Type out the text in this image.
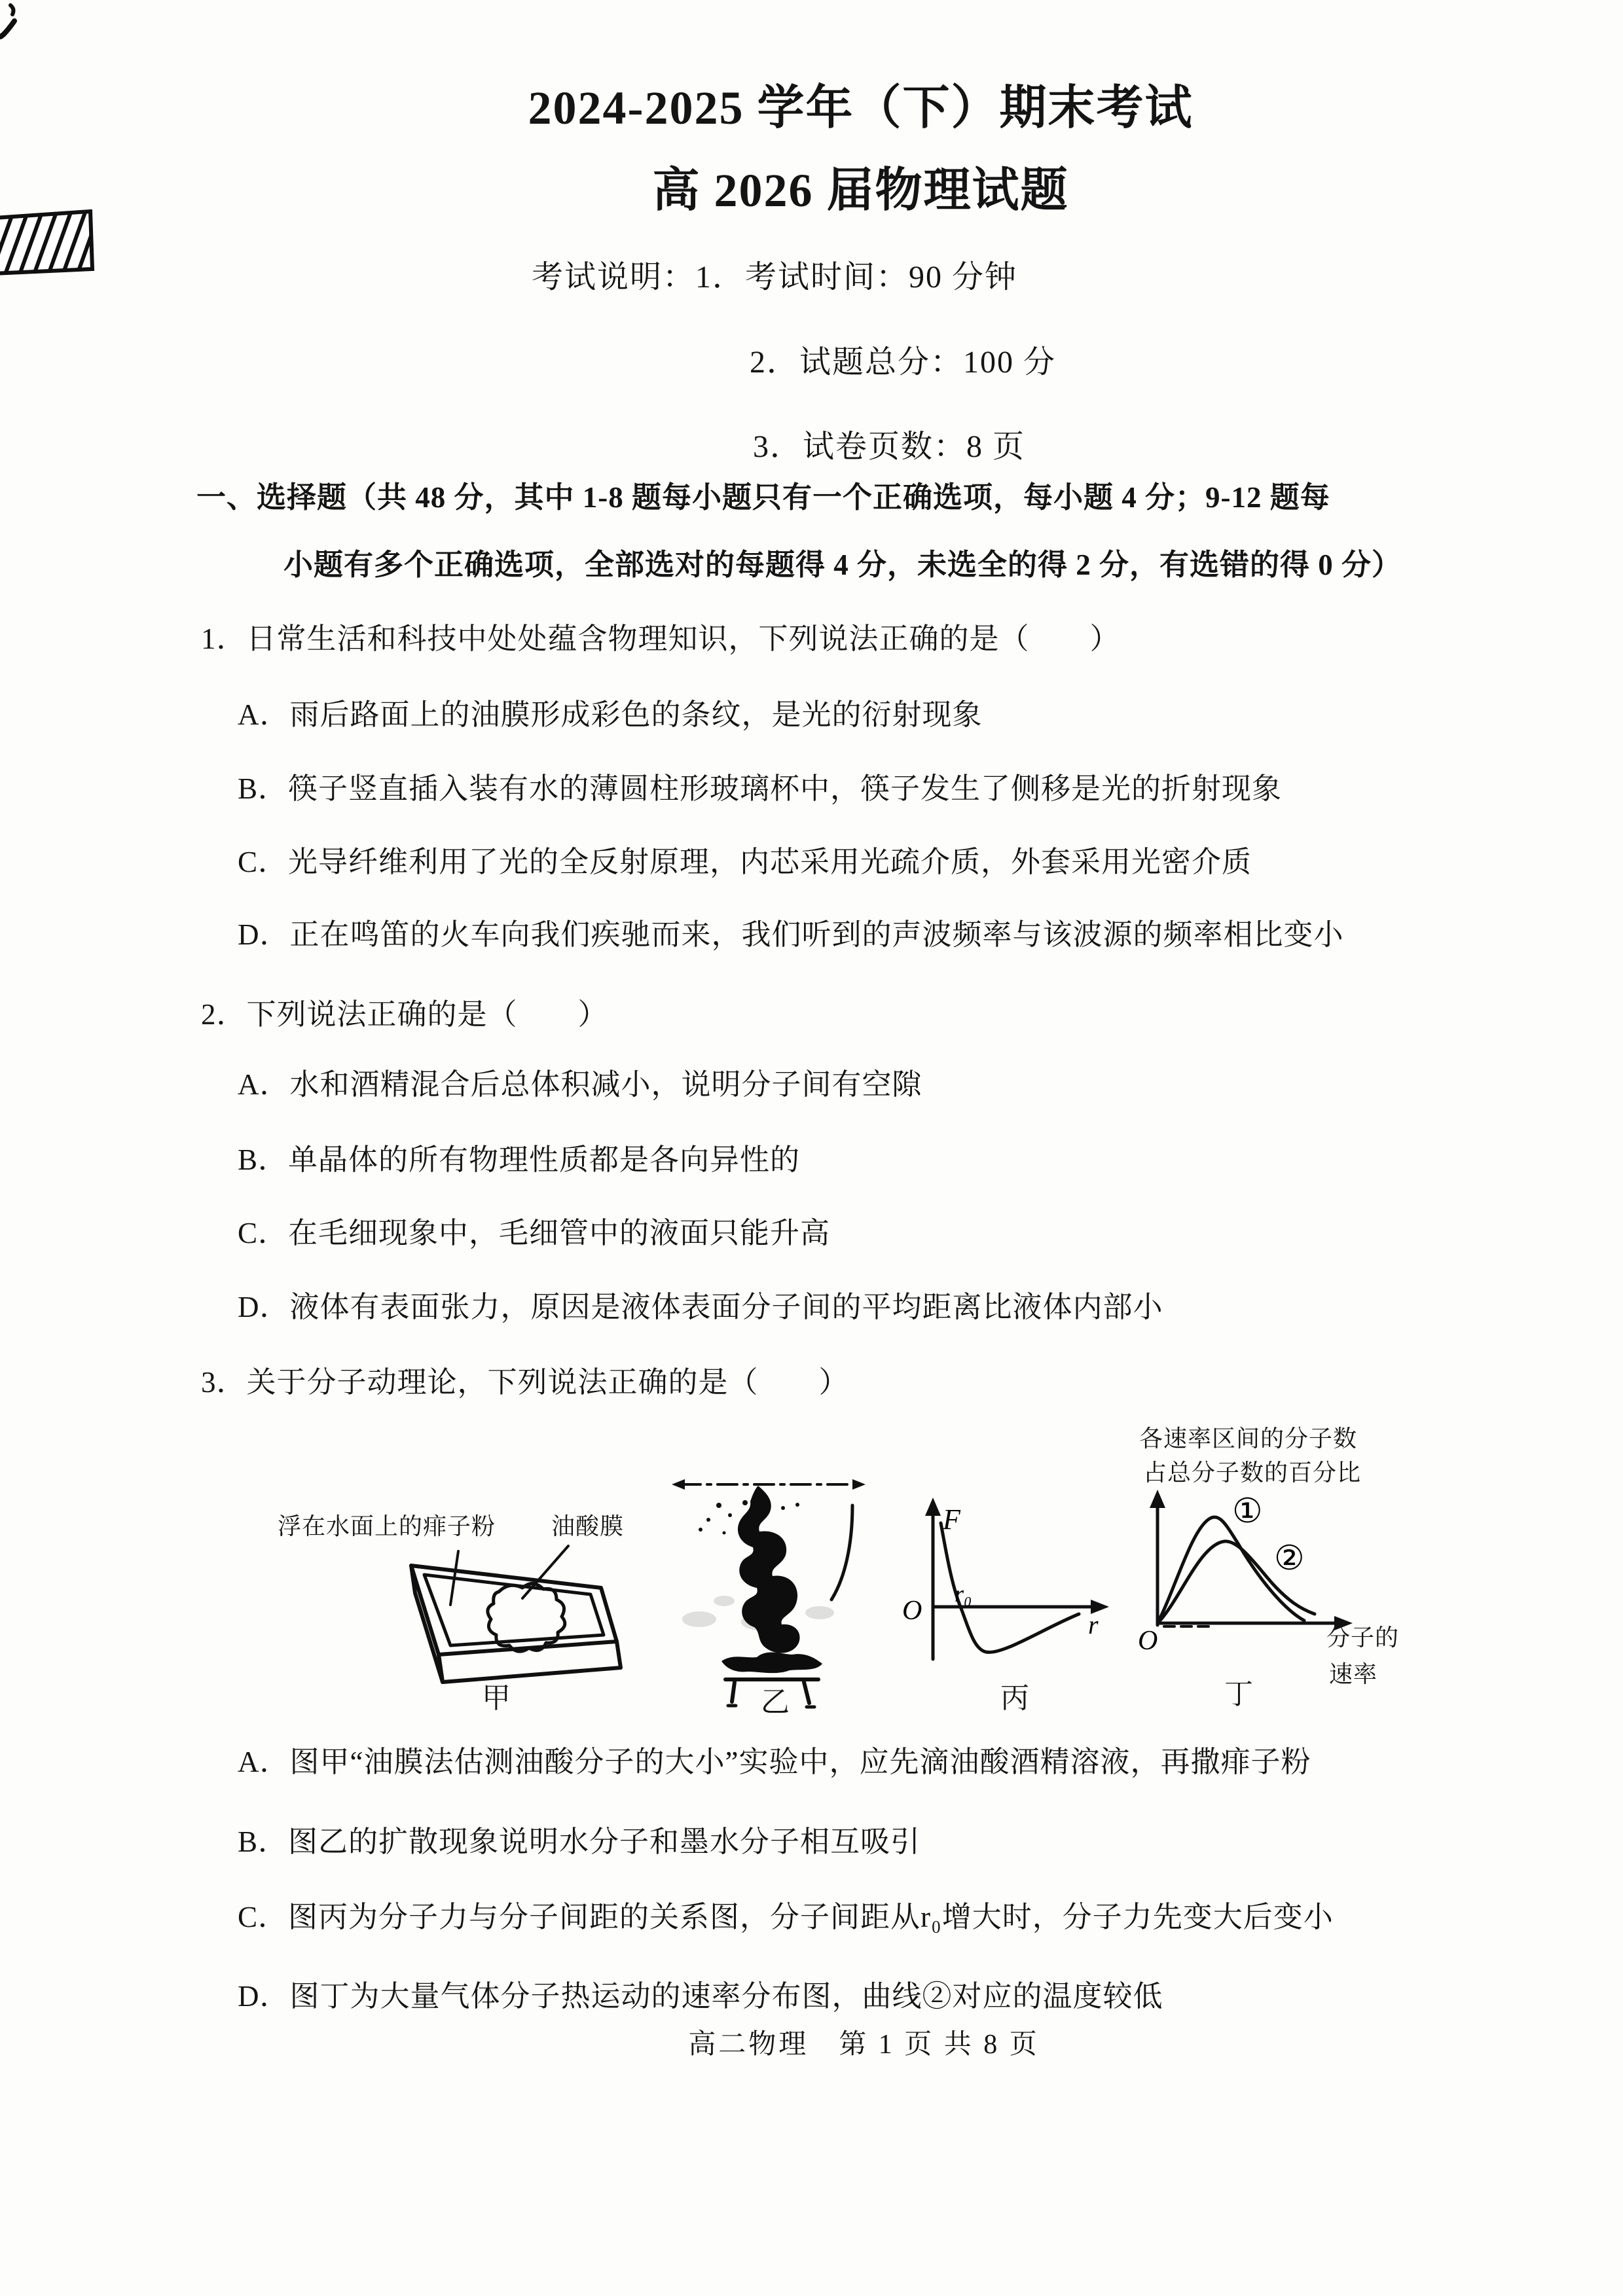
2024-2025 学年（下）期末考试
高 2026 届物理试题
考试说明：1．考试时间：90 分钟
2．试题总分：100 分
3．试卷页数：8 页
一、选择题（共 48 分，其中 1-8 题每小题只有一个正确选项，每小题 4 分；9-12 题每
小题有多个正确选项，全部选对的每题得 4 分，未选全的得 2 分，有选错的得 0 分）
1．日常生活和科技中处处蕴含物理知识，下列说法正确的是（　　）
A．雨后路面上的油膜形成彩色的条纹，是光的衍射现象
B．筷子竖直插入装有水的薄圆柱形玻璃杯中，筷子发生了侧移是光的折射现象
C．光导纤维利用了光的全反射原理，内芯采用光疏介质，外套采用光密介质
D．正在鸣笛的火车向我们疾驰而来，我们听到的声波频率与该波源的频率相比变小
2．下列说法正确的是（　　）
A．水和酒精混合后总体积减小，说明分子间有空隙
B．单晶体的所有物理性质都是各向异性的
C．在毛细现象中，毛细管中的液面只能升高
D．液体有表面张力，原因是液体表面分子间的平均距离比液体内部小
3．关于分子动理论，下列说法正确的是（　　）
浮在水面上的痱子粉 油酸膜	F
O
r₀
r
各速率区间的分子数
占总分子数的百分比
①
②
O	分子的
速率
甲	乙	丙	丁
A．图甲“油膜法估测油酸分子的大小”实验中，应先滴油酸酒精溶液，再撒痱子粉
B．图乙的扩散现象说明水分子和墨水分子相互吸引
C．图丙为分子力与分子间距的关系图，分子间距从r₀增大时，分子力先变大后变小
D．图丁为大量气体分子热运动的速率分布图，曲线②对应的温度较低
高二物理　第 1 页 共 8 页
